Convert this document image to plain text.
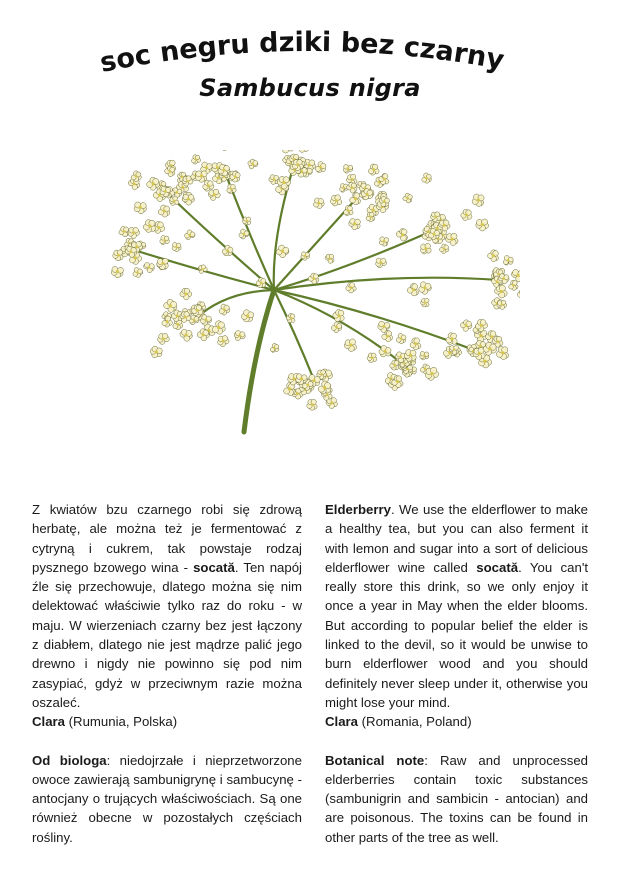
soc negru dziki bez czarny
Sambucus nigra

Z kwiatów bzu czarnego robi się zdrową herbatę, ale można też je fermentować z cytryną i cukrem, tak powstaje rodzaj pysznego bzowego wina - socată. Ten napój źle się przechowuje, dlatego można się nim delektować właściwie tylko raz do roku - w maju. W wierzeniach czarny bez jest łączony z diabłem, dlatego nie jest mądrze palić jego drewno i nigdy nie powinno się pod nim zasypiać, gdyż w przeciwnym razie można oszaleć.

Clara (Rumunia, Polska)

Od biologa: niedojrzałe i nieprzetworzone owoce zawierają sambunigrynę i sambucynę - antocjany o trujących właściwościach. Są one również obecne w pozostałych częściach rośliny.

Elderberry. We use the elderflower to make a healthy tea, but you can also ferment it with lemon and sugar into a sort of delicious elderflower wine called socată. You can't really store this drink, so we only enjoy it once a year in May when the elder blooms. But according to popular belief the elder is linked to the devil, so it would be unwise to burn elderflower wood and you should definitely never sleep under it, otherwise you might lose your mind.

Clara (Romania, Poland)

Botanical note: Raw and unprocessed elderberries contain toxic substances (sambunigrin and sambicin - antocian) and are poisonous. The toxins can be found in other parts of the tree as well.
